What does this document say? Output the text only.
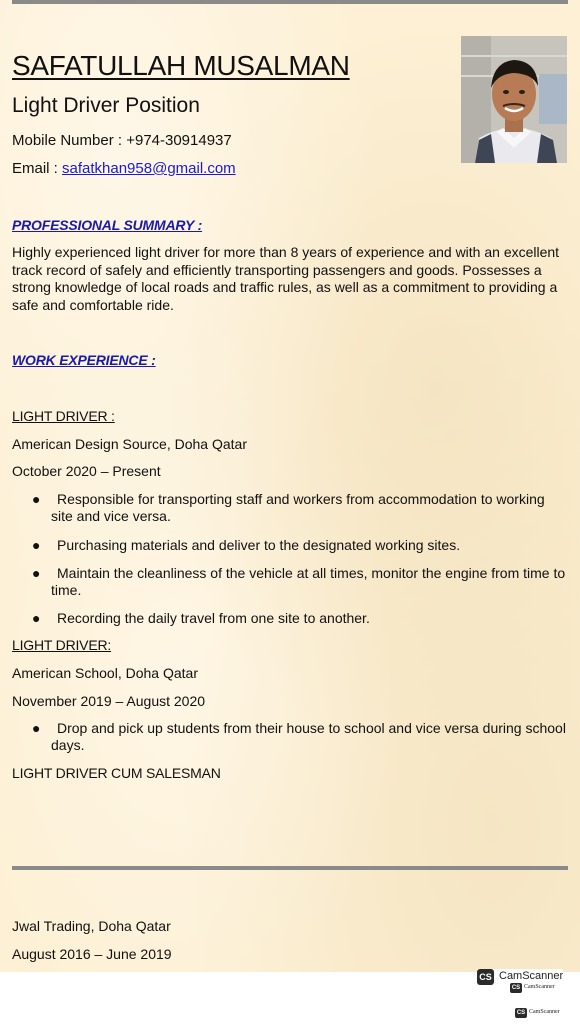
SAFATULLAH MUSALMAN
Light Driver Position
Mobile Number : +974-30914937
Email : safatkhan958@gmail.com
PROFESSIONAL SUMMARY :

Highly experienced light driver for more than 8 years of experience and with an excellent track record of safely and efficiently transporting passengers and goods. Possesses a strong knowledge of local roads and traffic rules, as well as a commitment to providing a safe and comfortable ride.

WORK EXPERIENCE :
LIGHT DRIVER :
American Design Source, Doha Qatar
October 2020 – Present
●	Responsible for transporting staff and workers from accommodation to working site and vice versa.
●	Purchasing materials and deliver to the designated working sites.
●	Maintain the cleanliness of the vehicle at all times, monitor the engine from time to time.
●	Recording the daily travel from one site to another.
LIGHT DRIVER:
American School, Doha Qatar
November 2019 – August 2020
●	Drop and pick up students from their house to school and vice versa during school days.
LIGHT DRIVER CUM SALESMAN
Jwal Trading, Doha Qatar
August 2016 – June 2019
CS CamScanner
CS CamScanner
CS CamScanner
